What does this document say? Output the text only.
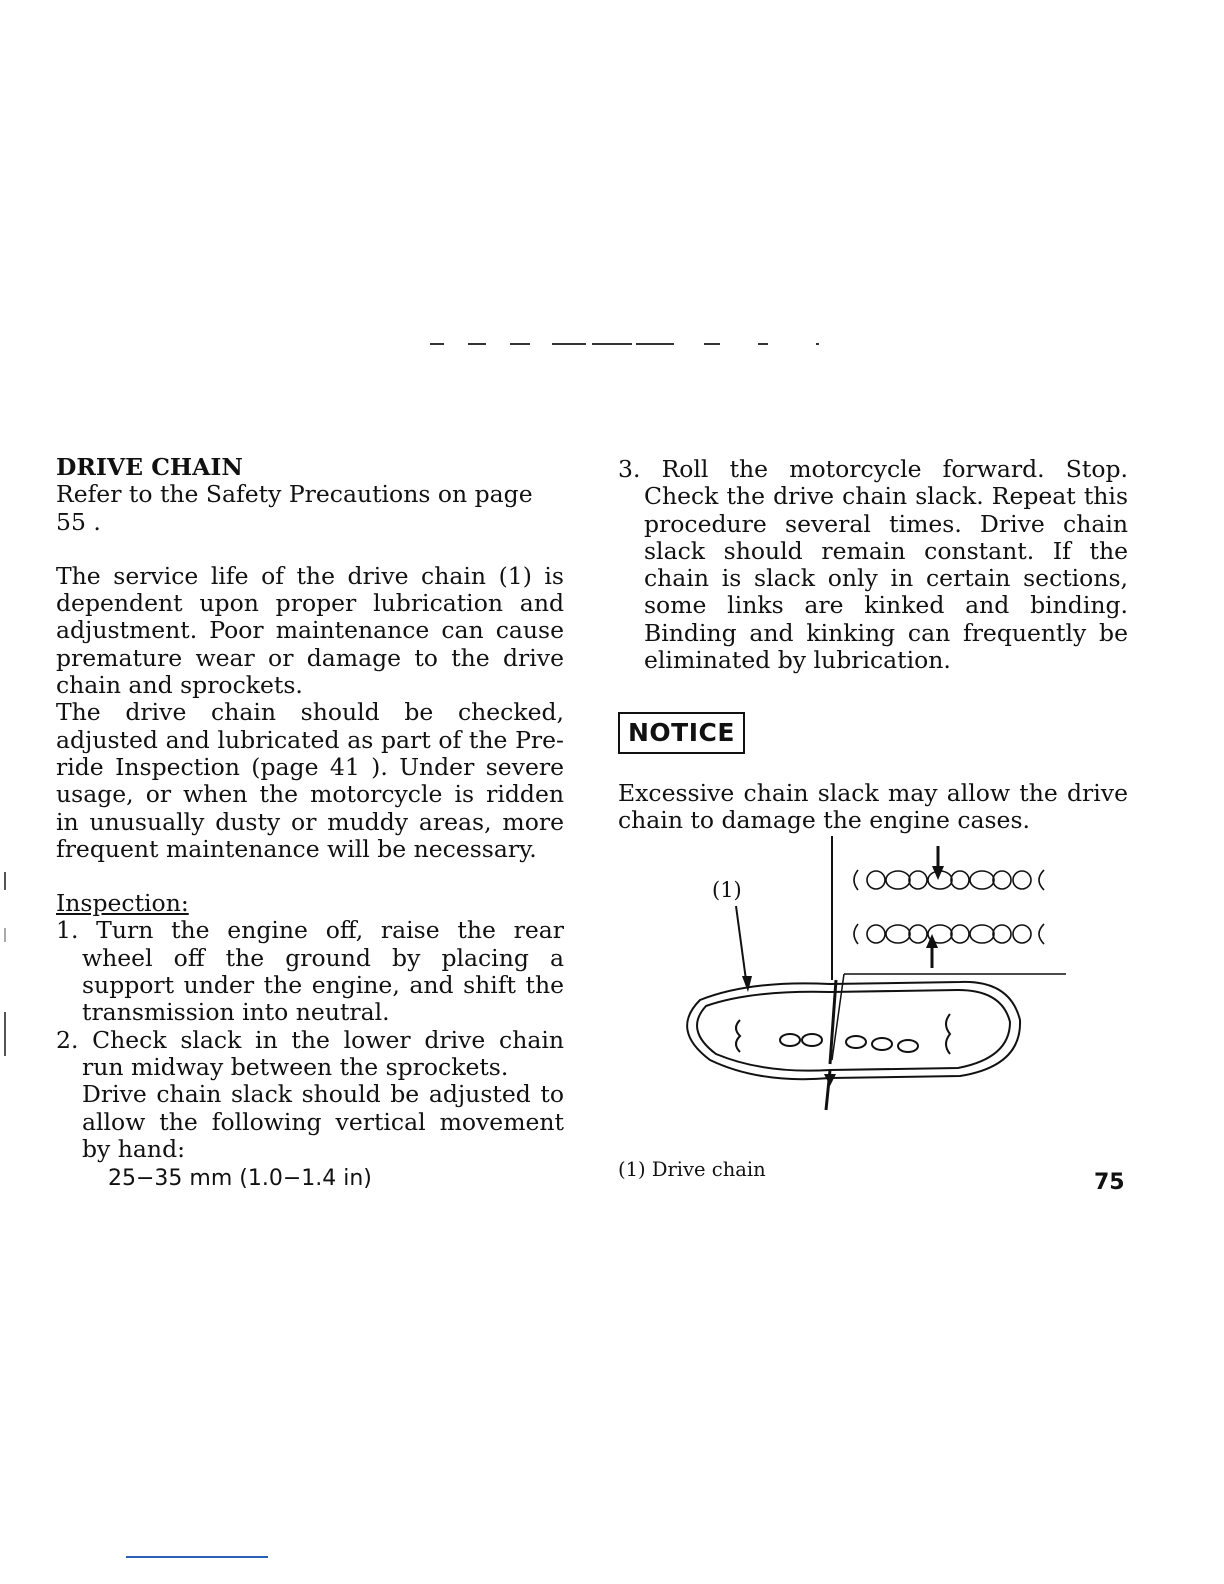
DRIVE CHAIN

Refer to the Safety Precautions on page 55 .

The service life of the drive chain (1) is dependent upon proper lubrication and adjustment. Poor maintenance can cause premature wear or damage to the drive chain and sprockets.

The drive chain should be checked, adjusted and lubricated as part of the Pre-ride Inspection (page 41 ). Under severe usage, or when the motorcycle is ridden in unusually dusty or muddy areas, more frequent maintenance will be necessary.

Inspection:

1. Turn the engine off, raise the rear wheel off the ground by placing a support under the engine, and shift the transmission into neutral.

2. Check slack in the lower drive chain run midway between the sprockets.

Drive chain slack should be adjusted to allow the following vertical movement by hand:

25−35 mm (1.0−1.4 in)

3. Roll the motorcycle forward. Stop. Check the drive chain slack. Repeat this procedure several times. Drive chain slack should remain constant. If the chain is slack only in certain sections, some links are kinked and binding. Binding and kinking can frequently be eliminated by lubrication.

NOTICE

Excessive chain slack may allow the drive chain to damage the engine cases.

(1)

(1) Drive chain

75
